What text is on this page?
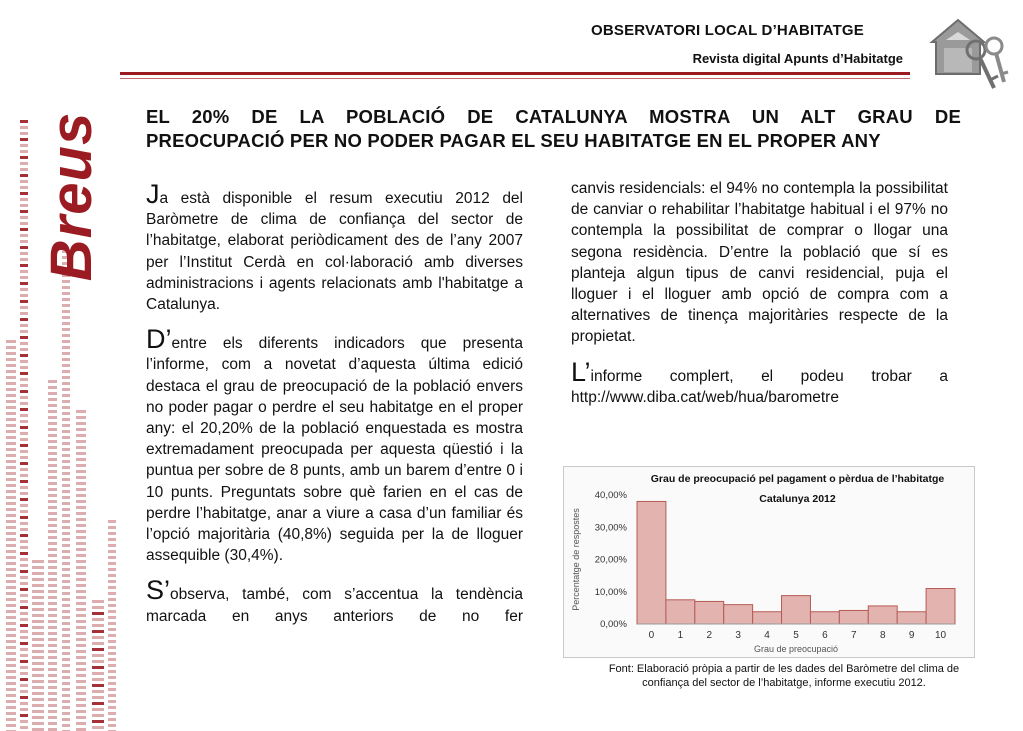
Breus
OBSERVATORI LOCAL D’HABITATGE
Revista digital Apunts d’Habitatge
EL 20% DE LA POBLACIÓ DE CATALUNYA MOSTRA UN ALT GRAU DE
PREOCUPACIÓ PER NO PODER PAGAR EL SEU HABITATGE EN EL PROPER ANY

Ja està disponible el resum executiu 2012 del Baròmetre de clima de confiança del sector de l’habitatge, elaborat periòdicament des de l’any 2007 per l’Institut Cerdà en col·laboració amb diverses administracions i agents relacionats amb l'habitatge a Catalunya.

D’entre els diferents indicadors que presenta l’informe, com a novetat d’aquesta última edició destaca el grau de preocupació de la població envers no poder pagar o perdre el seu habitatge en el proper any: el 20,20% de la població enquestada es mostra extremadament preocupada per aquesta qüestió i la puntua per sobre de 8 punts, amb un barem d’entre 0 i 10 punts. Preguntats sobre què farien en el cas de perdre l’habitatge, anar a viure a casa d’un familiar és l’opció majoritària (40,8%) seguida per la de lloguer assequible (30,4%).

S’observa, també, com s’accentua la tendència marcada en anys anteriors de no fer

canvis residencials: el 94% no contempla la possibilitat de canviar o rehabilitar l’habitatge habitual i el 97% no contempla la possibilitat de comprar o llogar una segona residència. D’entre la població que sí es planteja algun tipus de canvi residencial, puja el lloguer i el lloguer amb opció de compra com a alternatives de tinença majoritàries respecte de la propietat.

L’informe complert, el podeu trobar a http://www.diba.cat/web/hua/barometre

Grau de preocupació pel pagament o pèrdua de l’habitatge
Catalunya 2012
0,00%
10,00%
20,00%
30,00%
40,00%
0 1 2 3 4 5 6 7 8 9 10
Grau de preocupació
Percentatge de respostes
Font: Elaboració pròpia a partir de les dades del Baròmetre del clima de
confiança del sector de l’habitatge, informe executiu 2012.
